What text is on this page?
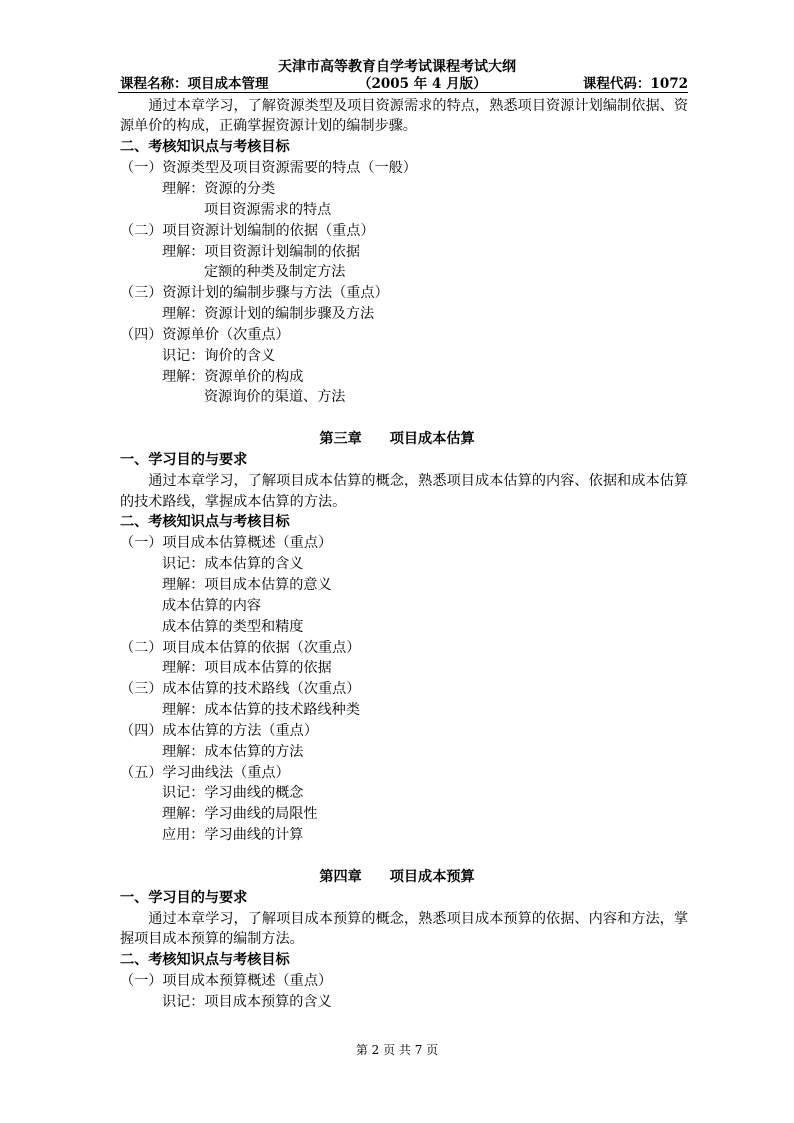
天津市高等教育自学考试课程考试大纲
课程名称：项目成本管理	（2005 年 4 月版）	课程代码：1072

通过本章学习，了解资源类型及项目资源需求的特点，熟悉项目资源计划编制依据、资源单价的构成，正确掌握资源计划的编制步骤。

二、考核知识点与考核目标

（一）资源类型及项目资源需要的特点（一般）

理解：资源的分类

项目资源需求的特点

（二）项目资源计划编制的依据（重点）

理解：项目资源计划编制的依据

定额的种类及制定方法

（三）资源计划的编制步骤与方法（重点）

理解：资源计划的编制步骤及方法

（四）资源单价（次重点）

识记：询价的含义

理解：资源单价的构成

资源询价的渠道、方法

第三章 项目成本估算

一、学习目的与要求

通过本章学习，了解项目成本估算的概念，熟悉项目成本估算的内容、依据和成本估算的技术路线，掌握成本估算的方法。

二、考核知识点与考核目标

（一）项目成本估算概述（重点）

识记：成本估算的含义

理解：项目成本估算的意义

成本估算的内容

成本估算的类型和精度

（二）项目成本估算的依据（次重点）

理解：项目成本估算的依据

（三）成本估算的技术路线（次重点）

理解：成本估算的技术路线种类

（四）成本估算的方法（重点）

理解：成本估算的方法

（五）学习曲线法（重点）

识记：学习曲线的概念

理解：学习曲线的局限性

应用：学习曲线的计算

第四章 项目成本预算

一、学习目的与要求

通过本章学习，了解项目成本预算的概念，熟悉项目成本预算的依据、内容和方法，掌握项目成本预算的编制方法。

二、考核知识点与考核目标

（一）项目成本预算概述（重点）

识记：项目成本预算的含义

第 2 页 共 7 页
